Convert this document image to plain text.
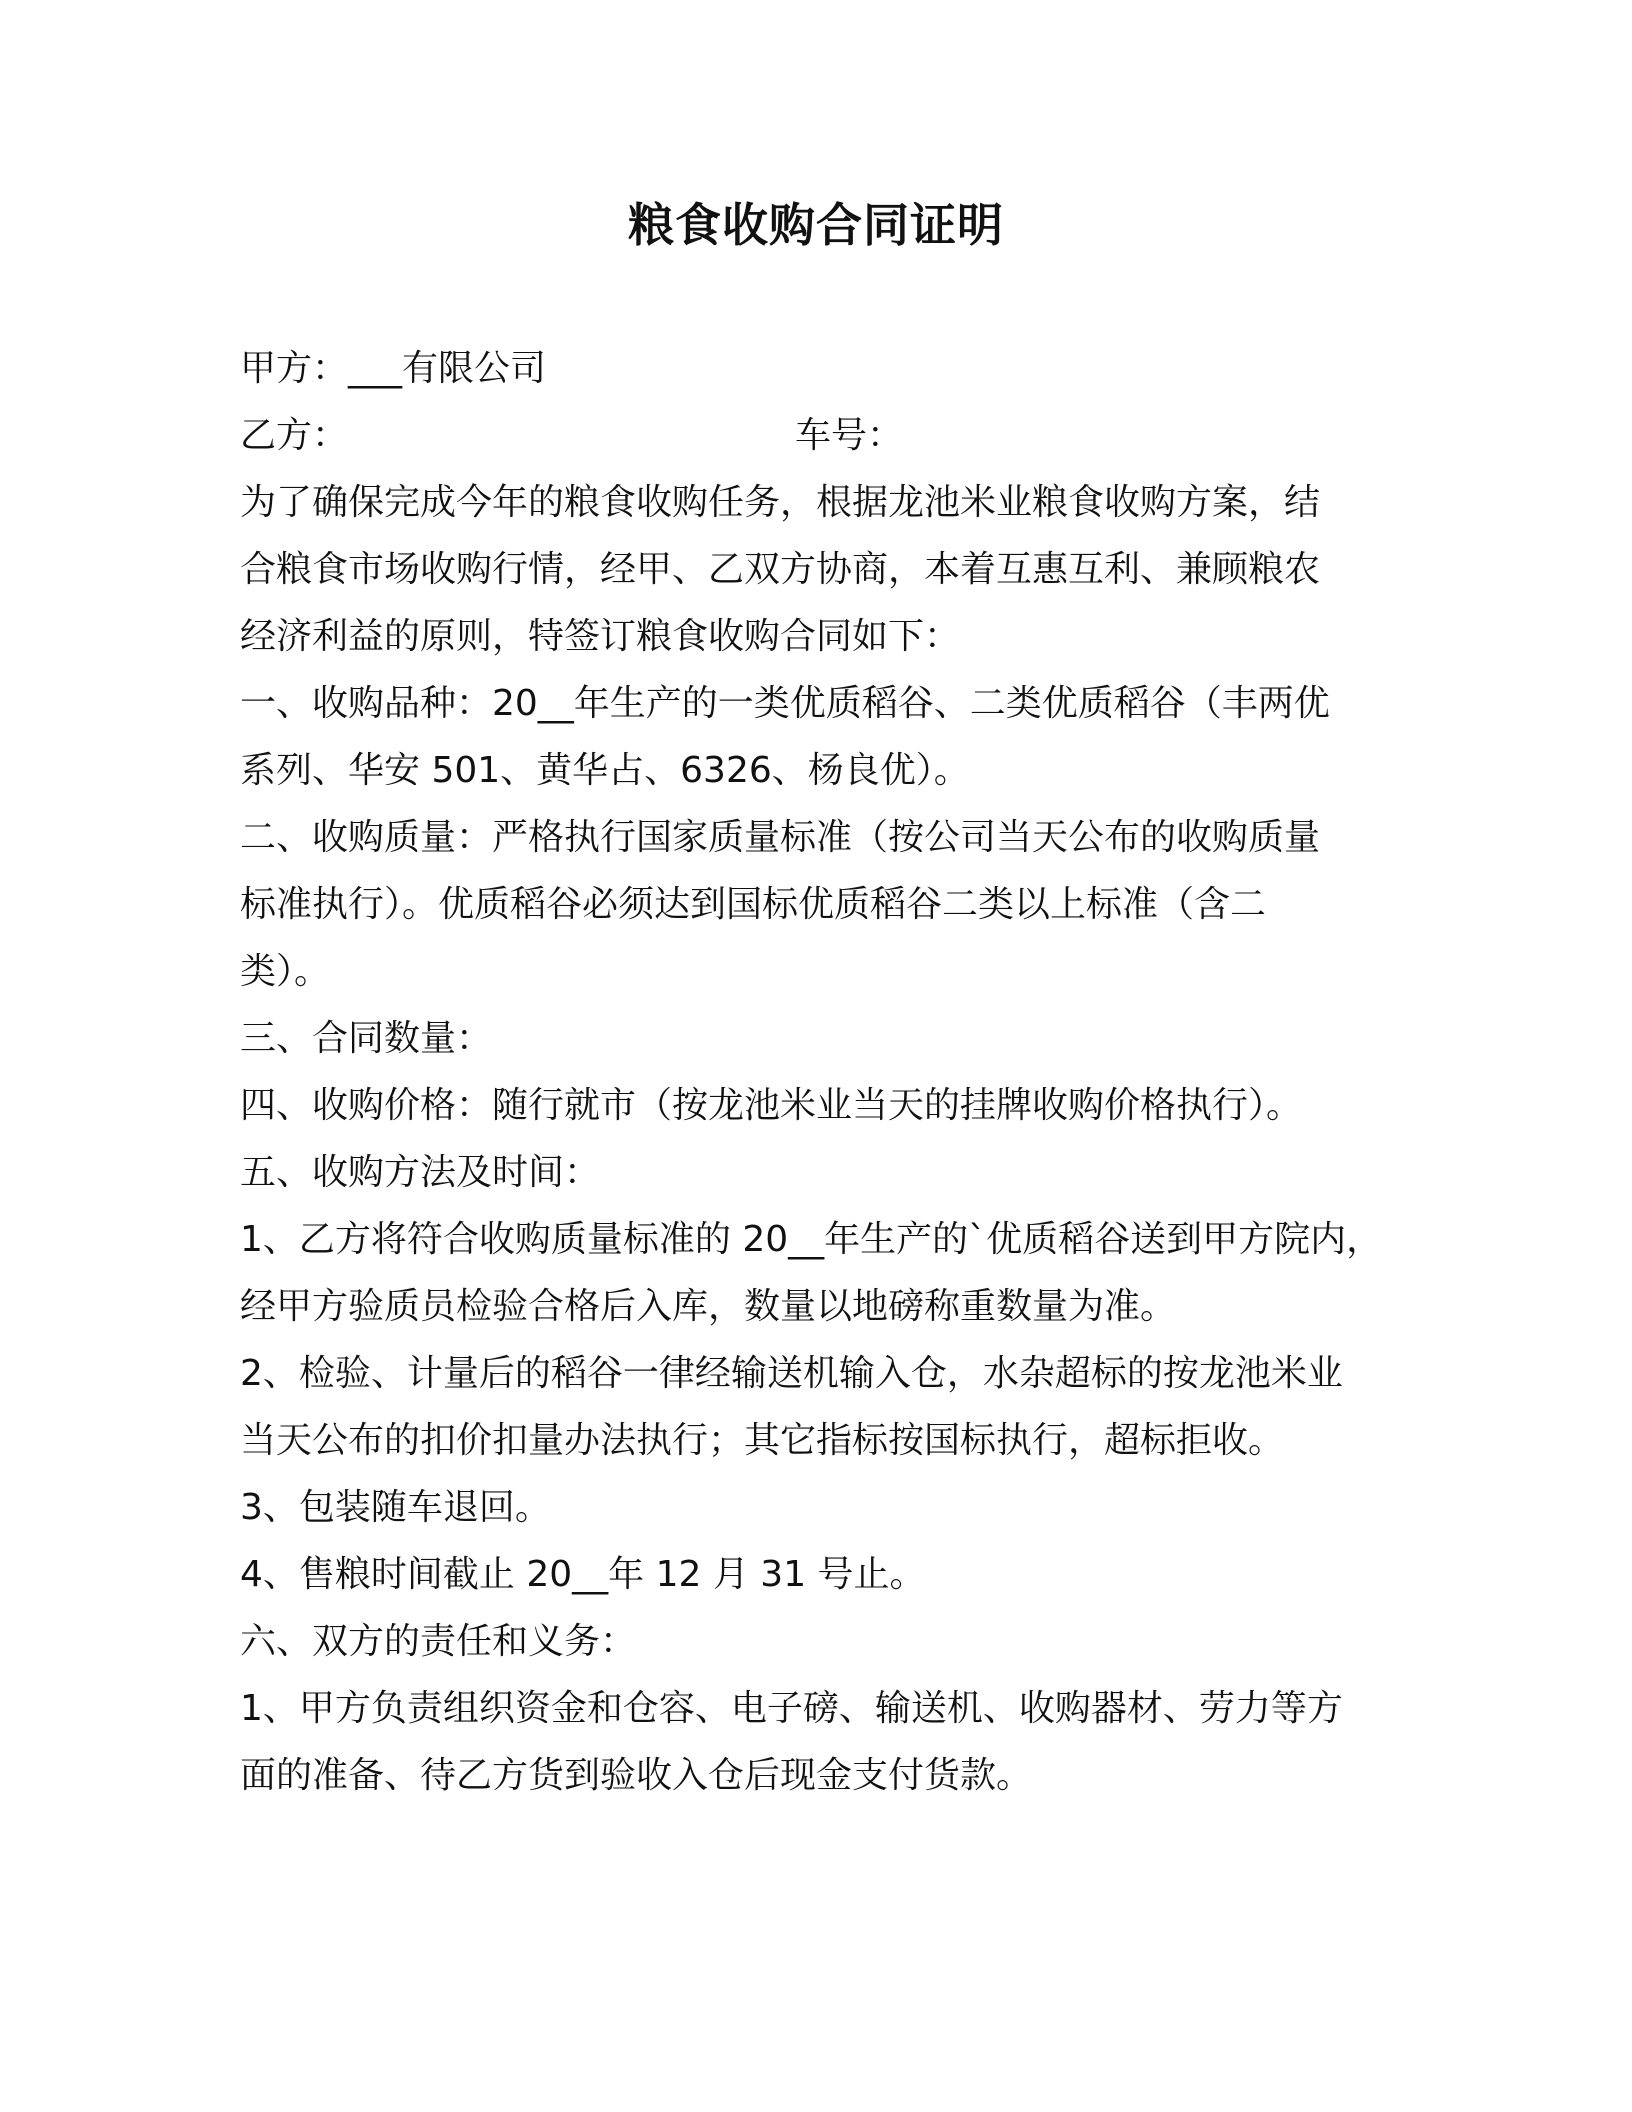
粮食收购合同证明
甲方：___有限公司
乙方：	车号：
为了确保完成今年的粮食收购任务，根据龙池米业粮食收购方案，结
合粮食市场收购行情，经甲、乙双方协商，本着互惠互利、兼顾粮农
经济利益的原则，特签订粮食收购合同如下：
一、收购品种：20__年生产的一类优质稻谷、二类优质稻谷（丰两优
系列、华安 501、黄华占、6326、杨良优）。
二、收购质量：严格执行国家质量标准（按公司当天公布的收购质量
标准执行）。优质稻谷必须达到国标优质稻谷二类以上标准（含二
类）。
三、合同数量：
四、收购价格：随行就市（按龙池米业当天的挂牌收购价格执行）。
五、收购方法及时间：
1、乙方将符合收购质量标准的 20__年生产的`优质稻谷送到甲方院内，
经甲方验质员检验合格后入库，数量以地磅称重数量为准。
2、检验、计量后的稻谷一律经输送机输入仓，水杂超标的按龙池米业
当天公布的扣价扣量办法执行；其它指标按国标执行，超标拒收。
3、包装随车退回。
4、售粮时间截止 20__年 12 月 31 号止。
六、双方的责任和义务：
1、甲方负责组织资金和仓容、电子磅、输送机、收购器材、劳力等方
面的准备、待乙方货到验收入仓后现金支付货款。
